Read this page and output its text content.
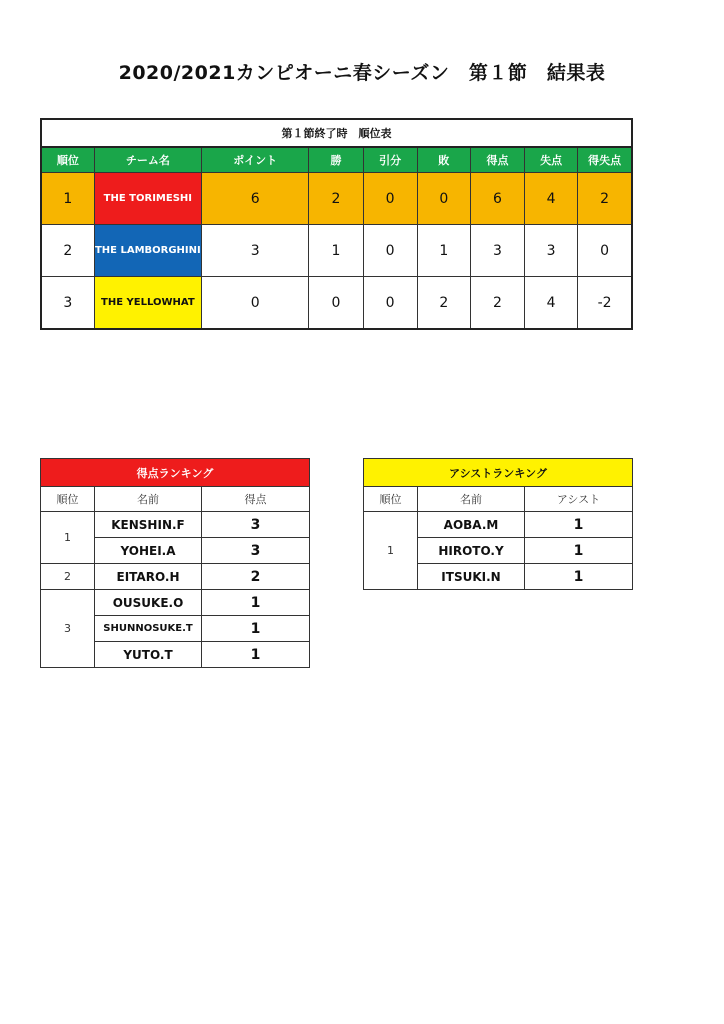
2020/2021カンピオーニ春シーズン　第１節　結果表
第１節終了時　順位表								
順位	チーム名	ポイント	勝	引分	敗	得点	失点	得失点
1	THE TORIMESHI	6	2	0	0	6	4	2
2	THE LAMBORGHINI	3	1	0	1	3	3	0
3	THE YELLOWHAT	0	0	0	2	2	4	-2
得点ランキング		
順位	名前	得点
1	KENSHIN.F	3
	YOHEI.A	3
2	EITARO.H	2
3	OUSUKE.O	1
	SHUNNOSUKE.T	1
	YUTO.T	1
アシストランキング		
順位	名前	アシスト
1	AOBA.M	1
	HIROTO.Y	1
	ITSUKI.N	1
